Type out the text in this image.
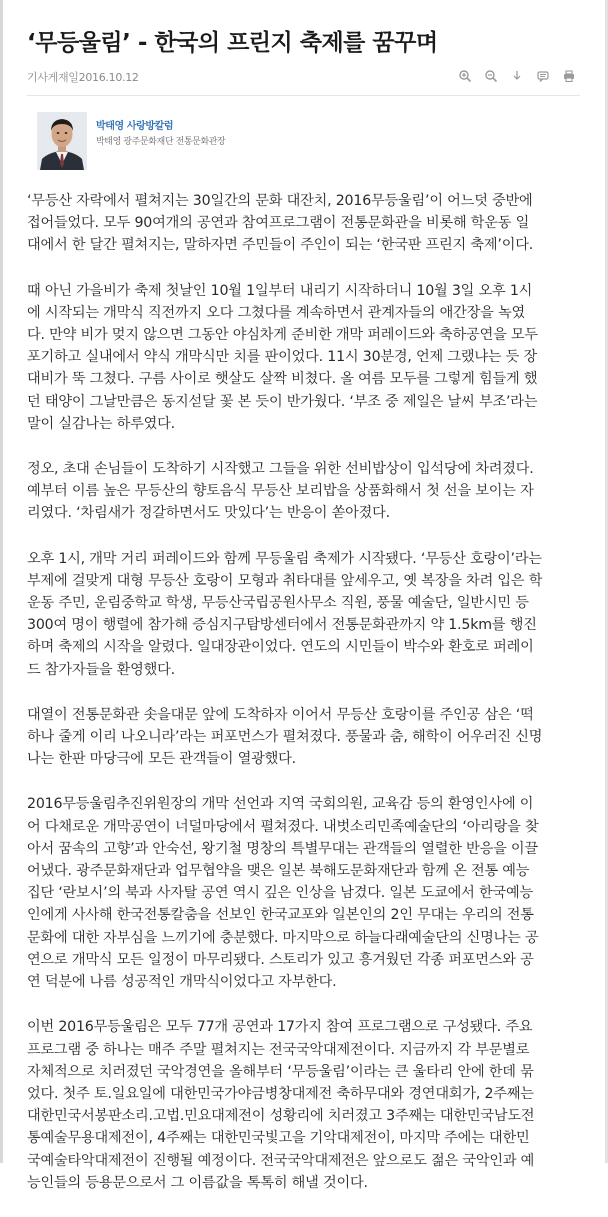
‘무등울림’ - 한국의 프린지 축제를 꿈꾸며
기사게재일2016.10.12
박태영 사랑방칼럼
박태영 광주문화재단 전통문화관장

‘무등산 자락에서 펼쳐지는 30일간의 문화 대잔치, 2016무등울림’이 어느덧 중반에
접어들었다. 모두 90여개의 공연과 참여프로그램이 전통문화관을 비롯해 학운동 일
대에서 한 달간 펼쳐지는, 말하자면 주민들이 주인이 되는 ‘한국판 프린지 축제’이다.

때 아닌 가을비가 축제 첫날인 10월 1일부터 내리기 시작하더니 10월 3일 오후 1시
에 시작되는 개막식 직전까지 오다 그쳤다를 계속하면서 관계자들의 애간장을 녹였
다. 만약 비가 멎지 않으면 그동안 야심차게 준비한 개막 퍼레이드와 축하공연을 모두
포기하고 실내에서 약식 개막식만 치를 판이었다. 11시 30분경, 언제 그랬냐는 듯 장
대비가 뚝 그쳤다. 구름 사이로 햇살도 살짝 비쳤다. 올 여름 모두를 그렇게 힘들게 했
던 태양이 그날만큼은 동지섣달 꽃 본 듯이 반가웠다. ‘부조 중 제일은 날씨 부조’라는
말이 실감나는 하루였다.

정오, 초대 손님들이 도착하기 시작했고 그들을 위한 선비밥상이 입석당에 차려졌다.
예부터 이름 높은 무등산의 향토음식 무등산 보리밥을 상품화해서 첫 선을 보이는 자
리였다. ‘차림새가 정갈하면서도 맛있다’는 반응이 쏟아졌다.

오후 1시, 개막 거리 퍼레이드와 함께 무등울림 축제가 시작됐다. ‘무등산 호랑이’라는
부제에 걸맞게 대형 무등산 호랑이 모형과 취타대를 앞세우고, 옛 복장을 차려 입은 학
운동 주민, 운림중학교 학생, 무등산국립공원사무소 직원, 풍물 예술단, 일반시민 등
300여 명이 행렬에 참가해 증심지구탐방센터에서 전통문화관까지 약 1.5km를 행진
하며 축제의 시작을 알렸다. 일대장관이었다. 연도의 시민들이 박수와 환호로 퍼레이
드 참가자들을 환영했다.

대열이 전통문화관 솟을대문 앞에 도착하자 이어서 무등산 호랑이를 주인공 삼은 ‘떡
하나 줄게 이리 나오니라’라는 퍼포먼스가 펼쳐졌다. 풍물과 춤, 해학이 어우러진 신명
나는 한판 마당극에 모든 관객들이 열광했다.

2016무등울림추진위원장의 개막 선언과 지역 국회의원, 교육감 등의 환영인사에 이
어 다채로운 개막공연이 너덜마당에서 펼쳐졌다. 내벗소리민족예술단의 ‘아리랑을 찾
아서 꿈속의 고향’과 안숙선, 왕기철 명창의 특별무대는 관객들의 열렬한 반응을 이끌
어냈다. 광주문화재단과 업무협약을 맺은 일본 북해도문화재단과 함께 온 전통 예능
집단 ‘란보시’의 북과 사자탈 공연 역시 깊은 인상을 남겼다. 일본 도쿄에서 한국예능
인에게 사사해 한국전통칼춤을 선보인 한국교포와 일본인의 2인 무대는 우리의 전통
문화에 대한 자부심을 느끼기에 충분했다. 마지막으로 하늘다래예술단의 신명나는 공
연으로 개막식 모든 일정이 마무리됐다. 스토리가 있고 흥겨웠던 각종 퍼포먼스와 공
연 덕분에 나름 성공적인 개막식이었다고 자부한다.

이번 2016무등울림은 모두 77개 공연과 17가지 참여 프로그램으로 구성됐다. 주요
프로그램 중 하나는 매주 주말 펼쳐지는 전국국악대제전이다. 지금까지 각 부문별로
자체적으로 치러졌던 국악경연을 올해부터 ‘무등울림’이라는 큰 울타리 안에 한데 묶
었다. 첫주 토.일요일에 대한민국가야금병창대제전 축하무대와 경연대회가, 2주째는
대한민국서봉판소리.고법.민요대제전이 성황리에 치러졌고 3주째는 대한민국남도전
통예술무용대제전이, 4주째는 대한민국빛고을 기악대제전이, 마지막 주에는 대한민
국예술타악대제전이 진행될 예정이다. 전국국악대제전은 앞으로도 젊은 국악인과 예
능인들의 등용문으로서 그 이름값을 톡톡히 해낼 것이다.
